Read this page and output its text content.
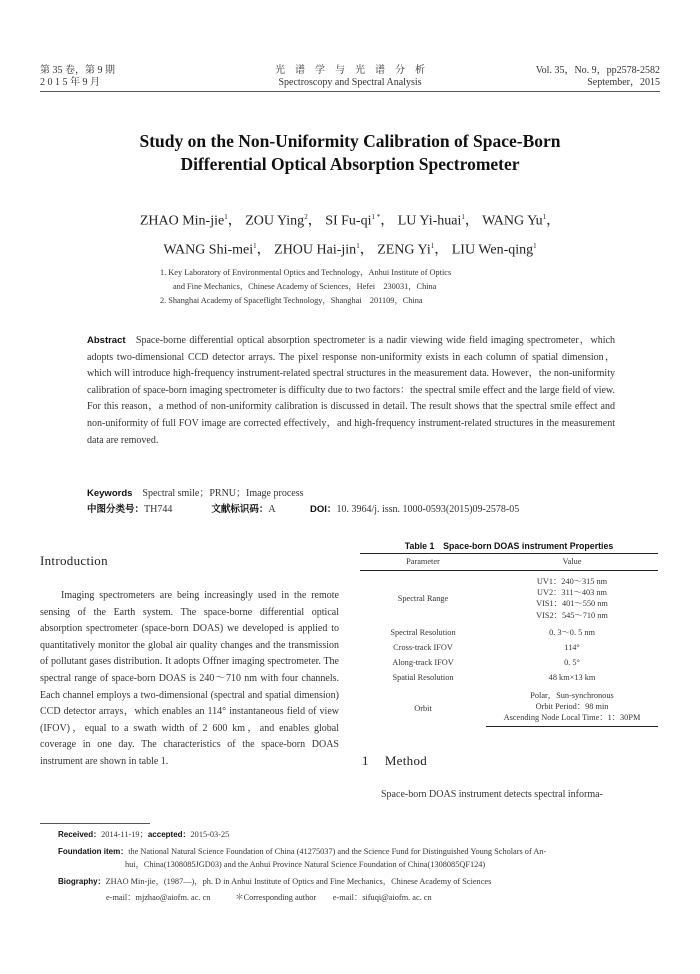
第 35 卷，第 9 期
2 0 1 5 年 9 月
光　谱　学　与　光　谱　分　析
Spectroscopy and Spectral Analysis
Vol. 35，No. 9，pp2578-2582
September，2015
Study on the Non-Uniformity Calibration of Space-Born
Differential Optical Absorption Spectrometer
ZHAO Min-jie$^1$， ZOU Ying$^2$， SI $Fu-qi^{1 *}$， LU Yi-huai$^1$， WANG Yu$^1$，
WANG Shi-mei$^1$， ZHOU Hai-jin$^1$， ZENG Yi$^1$， LIU Wen-qing$^1$
1. Key Laboratory of Environmental Optics and Technology，Anhui Institute of Optics
and Fine Mechanics，Chinese Academy of Sciences，Hefei　230031，China
2. Shanghai Academy of Spaceflight Technology，Shanghai　201109，China
Abstract Space-borne differential optical absorption spectrometer is a nadir viewing wide field imaging spectrometer，which adopts two-dimensional CCD detector arrays. The pixel response non-uniformity exists in each column of spatial dimension，which will introduce high-frequency instrument-related spectral structures in the measurement data. However，the non-uniformity calibration of space-born imaging spectrometer is difficulty due to two factors：the spectral smile effect and the large field of view. For this reason，a method of non-uniformity calibration is discussed in detail. The result shows that the spectral smile effect and non-uniformity of full FOV image are corrected effectively，and high-frequency instrument-related structures in the measurement data are removed.
Keywords Spectral smile；PRNU；Image process
中图分类号：TH744	文献标识码：A	DOI：10. 3964/j. issn. 1000-0593(2015)09-2578-05
Introduction

Imaging spectrometers are being increasingly used in the remote sensing of the Earth system. The space-borne differential optical absorption spectrometer (space-born DOAS) we developed is applied to quantitatively monitor the global air quality changes and the transmission of pollutant gases distribution. It adopts Offner imaging spectrometer. The spectral range of space-born DOAS is 240～710 nm with four channels. Each channel employs a two-dimensional (spectral and spatial dimension) CCD detector arrays，which enables an 114° instantaneous field of view (IFOV)，equal to a swath width of 2 600 km，and enables global coverage in one day. The characteristics of the space-born DOAS instrument are shown in table 1.

Table 1　Space-born DOAS instrument Properties
Parameter	Value
Spectral Range	UV1：240～315 nm
	UV2：311～403 nm
	VIS1：401～550 nm
	VIS2：545～710 nm

Spectral Resolution	0. 3～0. 5 nm
Cross-track IFOV	114°
Along-track IFOV	0. 5°
Spatial Resolution	48 km×13 km

Orbit	Polar，Sun-synchronous
	Orbit Period：98 min
	Ascending Node Local Time：1：30PM
1 Method
Space-born DOAS instrument detects spectral informa-
Received：2014-11-19；accepted：2015-03-25
Foundation item：the National Natural Science Foundation of China (41275037) and the Science Fund for Distinguished Young Scholars of An-
hui，China(1308085JGD03) and the Anhui Province Natural Science Foundation of China(1308085QF124)
Biography：ZHAO Min-jie，(1987—)，ph. D in Anhui Institute of Optics and Fine Mechanics，Chinese Academy of Sciences
e-mail：mjzhao@aiofm. ac. cn　　　＊Corresponding author　　e-mail：sifuqi@aiofm. ac. cn
